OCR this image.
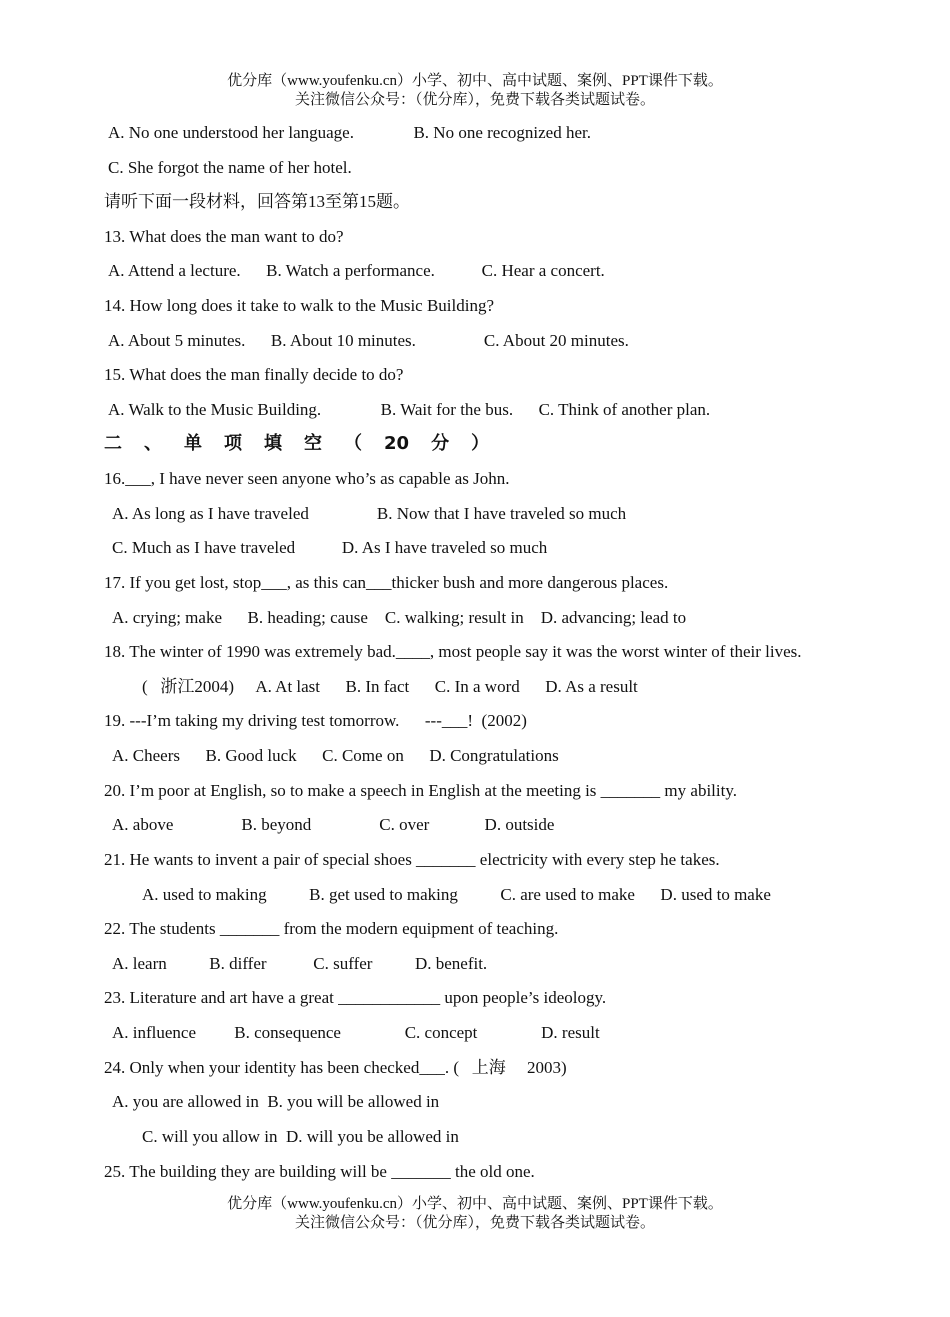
优分库（www.youfenku.cn）小学、初中、高中试题、案例、PPT课件下载。
关注微信公众号：（优分库），免费下载各类试题试卷。
A. No one understood her language.              B. No one recognized her.
C. She forgot the name of her hotel.
请听下面一段材料，回答第13至第15题。
13. What does the man want to do?
A. Attend a lecture.      B. Watch a performance.           C. Hear a concert.
14. How long does it take to walk to the Music Building?
A. About 5 minutes.      B. About 10 minutes.                C. About 20 minutes.
15. What does the man finally decide to do?
A. Walk to the Music Building.              B. Wait for the bus.      C. Think of another plan.
16.___, I have never seen anyone who’s as capable as John.
A. As long as I have traveled                B. Now that I have traveled so much
C. Much as I have traveled           D. As I have traveled so much
17. If you get lost, stop___, as this can___thicker bush and more dangerous places.
A. crying; make      B. heading; cause    C. walking; result in    D. advancing; lead to
18. The winter of 1990 was extremely bad.____, most people say it was the worst winter of their lives.
(   浙江2004)     A. At last      B. In fact      C. In a word      D. As a result
19. ---I’m taking my driving test tomorrow.      ---___!  (2002)
A. Cheers      B. Good luck      C. Come on      D. Congratulations
20. I’m poor at English, so to make a speech in English at the meeting is _______ my ability.
A. above                B. beyond                C. over             D. outside
21. He wants to invent a pair of special shoes _______ electricity with every step he takes.
A. used to making          B. get used to making          C. are used to make      D. used to make
22. The students _______ from the modern equipment of teaching.
A. learn          B. differ           C. suffer          D. benefit.
23. Literature and art have a great ____________ upon people’s ideology.
A. influence         B. consequence               C. concept               D. result
24. Only when your identity has been checked___. (   上海     2003)
A. you are allowed in  B. you will be allowed in
C. will you allow in  D. will you be allowed in
25. The building they are building will be _______ the old one.
二 、 单 项 填 空 （ 20 分 ）
优分库（www.youfenku.cn）小学、初中、高中试题、案例、PPT课件下载。
关注微信公众号：（优分库），免费下载各类试题试卷。
